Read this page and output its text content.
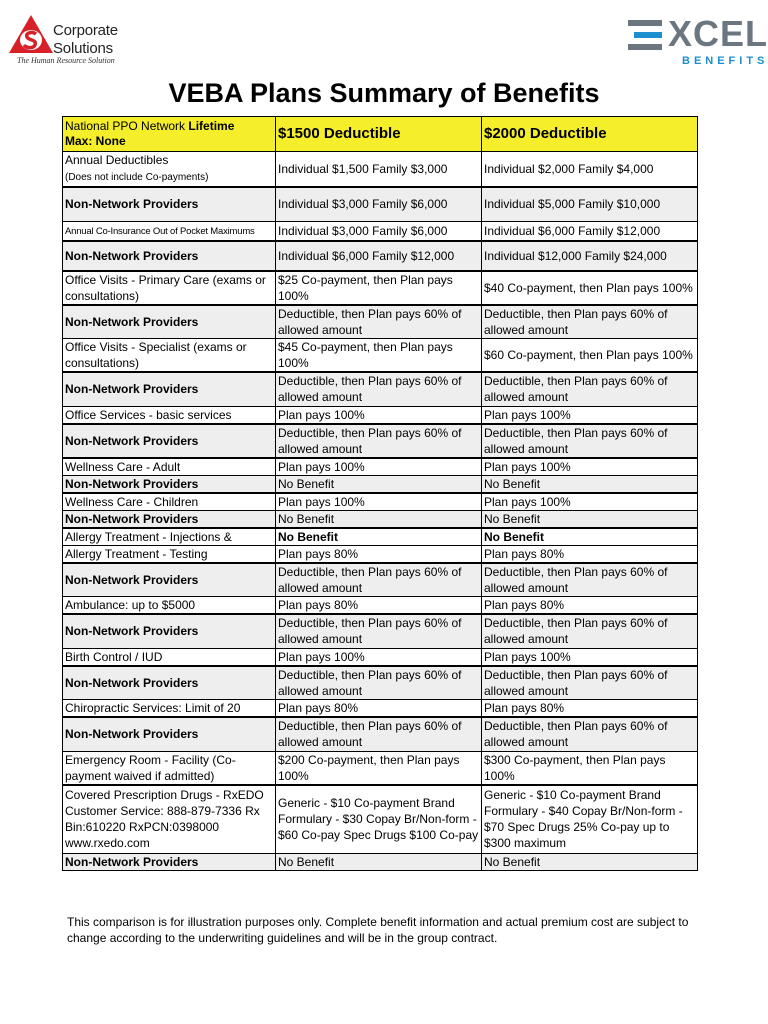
Corporate
Solutions
The Human Resource Solution
XCEL
BENEFITS
VEBA Plans Summary of Benefits
National PPO Network Lifetime
Max: None	$1500 Deductible	$2000 Deductible
Annual Deductibles
(Does not include Co-payments)	Individual $1,500 Family $3,000	Individual $2,000 Family $4,000
Non-Network Providers	Individual $3,000 Family $6,000	Individual $5,000 Family $10,000
Annual Co-Insurance Out of Pocket Maximums	Individual $3,000 Family $6,000	Individual $6,000 Family $12,000
Non-Network Providers	Individual $6,000 Family $12,000	Individual $12,000 Family $24,000
Office Visits - Primary Care (exams or consultations)	$25 Co-payment, then Plan pays 100%	$40 Co-payment, then Plan pays 100%
Non-Network Providers	Deductible, then Plan pays 60% of allowed amount	Deductible, then Plan pays 60% of allowed amount
Office Visits - Specialist (exams or consultations)	$45 Co-payment, then Plan pays 100%	$60 Co-payment, then Plan pays 100%
Non-Network Providers	Deductible, then Plan pays 60% of allowed amount	Deductible, then Plan pays 60% of allowed amount
Office Services - basic services	Plan pays 100%	Plan pays 100%
Non-Network Providers	Deductible, then Plan pays 60% of allowed amount	Deductible, then Plan pays 60% of allowed amount
Wellness Care - Adult	Plan pays 100%	Plan pays 100%
Non-Network Providers	No Benefit	No Benefit
Wellness Care - Children	Plan pays 100%	Plan pays 100%
Non-Network Providers	No Benefit	No Benefit
Allergy Treatment - Injections &	No Benefit	No Benefit
Allergy Treatment - Testing	Plan pays 80%	Plan pays 80%
Non-Network Providers	Deductible, then Plan pays 60% of allowed amount	Deductible, then Plan pays 60% of allowed amount
Ambulance: up to $5000	Plan pays 80%	Plan pays 80%
Non-Network Providers	Deductible, then Plan pays 60% of allowed amount	Deductible, then Plan pays 60% of allowed amount
Birth Control / IUD	Plan pays 100%	Plan pays 100%
Non-Network Providers	Deductible, then Plan pays 60% of allowed amount	Deductible, then Plan pays 60% of allowed amount
Chiropractic Services: Limit of 20	Plan pays 80%	Plan pays 80%
Non-Network Providers	Deductible, then Plan pays 60% of allowed amount	Deductible, then Plan pays 60% of allowed amount
Emergency Room - Facility (Co-payment waived if admitted)	$200 Co-payment, then Plan pays 100%	$300 Co-payment, then Plan pays 100%
Covered Prescription Drugs - RxEDO Customer Service: 888-879-7336 Rx Bin:610220 RxPCN:0398000 www.rxedo.com	Generic - $10 Co-payment Brand Formulary - $30 Copay Br/Non-form - $60 Co-pay Spec Drugs $100 Co-pay	Generic - $10 Co-payment Brand Formulary - $40 Copay Br/Non-form - $70 Spec Drugs 25% Co-pay up to $300 maximum
Non-Network Providers	No Benefit	No Benefit
This comparison is for illustration purposes only. Complete benefit information and actual premium cost are subject to change according to the underwriting guidelines and will be in the group contract.
